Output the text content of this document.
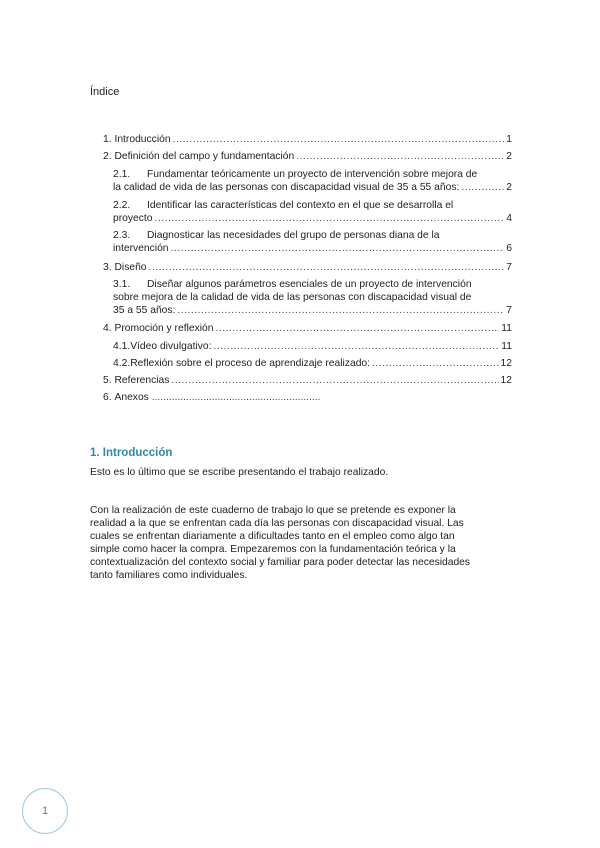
Índice
1.
Introducción .....	1
2.
Definición del campo y fundamentación .....	2
2.1. Fundamentar teóricamente un proyecto de intervención sobre mejora de
la calidad de vida de las personas con discapacidad visual de 35 a 55 años: .....	2
2.2. Identificar las características del contexto en el que se desarrolla el
proyecto .....	4
2.3. Diagnosticar las necesidades del grupo de personas diana de la
intervención .....	6
3.
Diseño .....	7
3.1. Diseñar algunos parámetros esenciales de un proyecto de intervención
sobre mejora de la calidad de vida de las personas con discapacidad visual de
35 a 55 años: .....	7
4.
Promoción y reflexión .....	11
4.1. Vídeo divulgativo: .....	11
4.2. Reflexión sobre el proceso de aprendizaje realizado: .....	12
5.
Referencias .....	12
6. Anexos ...........................................................
1. Introducción
Esto es lo último que se escribe presentando el trabajo realizado.
Con la realización de este cuaderno de trabajo lo que se pretende es exponer la
realidad a la que se enfrentan cada día las personas con discapacidad visual. Las
cuales se enfrentan diariamente a dificultades tanto en el empleo como algo tan
simple como hacer la compra. Empezaremos con la fundamentación teórica y la
contextualización del contexto social y familiar para poder detectar las necesidades
tanto familiares como individuales.
1
